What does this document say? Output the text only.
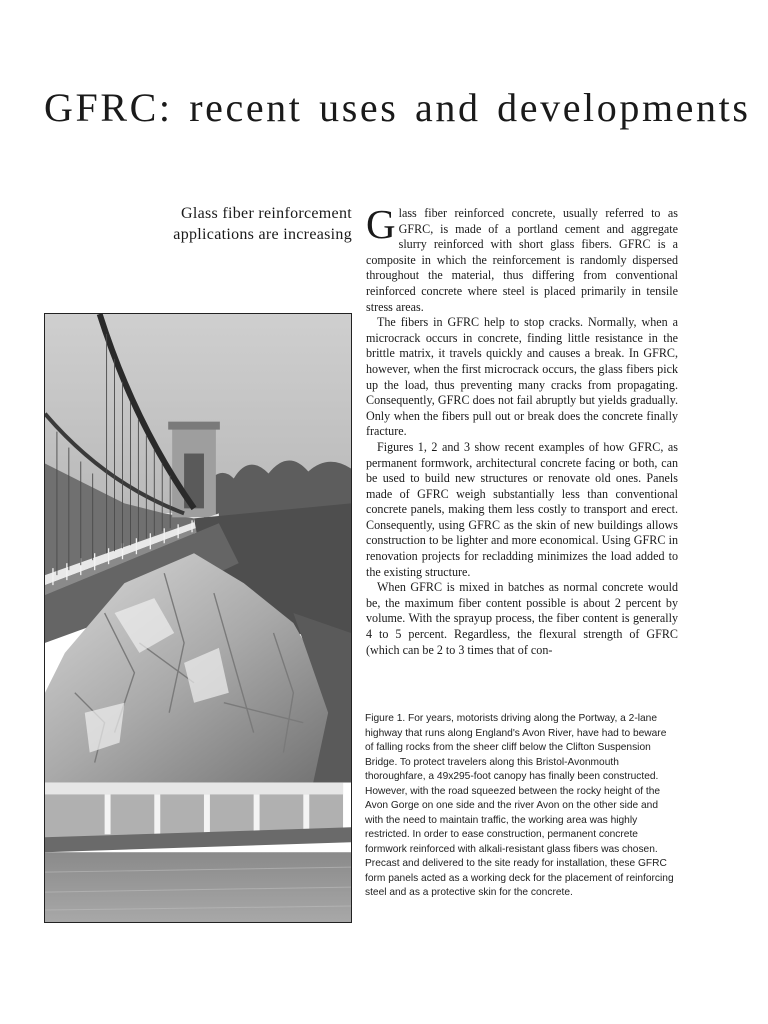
GFRC: recent uses and developments
Glass fiber reinforcement
applications are increasing Glass fiber reinforced concrete, usually referred to as GFRC, is made of a portland cement and aggregate slurry reinforced with short glass fibers. GFRC is a composite in which the reinforcement is randomly dispersed throughout the material, thus differing from conventional reinforced concrete where steel is placed primarily in tensile stress areas.

The fibers in GFRC help to stop cracks. Normally, when a microcrack occurs in concrete, finding little resistance in the brittle matrix, it travels quickly and causes a break. In GFRC, however, when the first microcrack occurs, the glass fibers pick up the load, thus preventing many cracks from propagating. Consequently, GFRC does not fail abruptly but yields gradually. Only when the fibers pull out or break does the concrete finally fracture.

Figures 1, 2 and 3 show recent examples of how GFRC, as permanent formwork, architectural concrete facing or both, can be used to build new structures or renovate old ones. Panels made of GFRC weigh substantially less than conventional concrete panels, making them less costly to transport and erect. Consequently, using GFRC as the skin of new buildings allows construction to be lighter and more economical. Using GFRC in renovation projects for recladding minimizes the load added to the existing structure.

When GFRC is mixed in batches as normal concrete would be, the maximum fiber content possible is about 2 percent by volume. With the sprayup process, the fiber content is generally 4 to 5 percent. Regardless, the flexural strength of GFRC (which can be 2 to 3 times that of con-

Figure 1. For years, motorists driving along the Portway, a 2-lane highway that runs along England's Avon River, have had to beware of falling rocks from the sheer cliff below the Clifton Suspension Bridge. To protect travelers along this Bristol-Avonmouth thoroughfare, a 49x295-foot canopy has finally been constructed. However, with the road squeezed between the rocky height of the Avon Gorge on one side and the river Avon on the other side and with the need to maintain traffic, the working area was highly restricted. In order to ease construction, permanent concrete formwork reinforced with alkali-resistant glass fibers was chosen. Precast and delivered to the site ready for installation, these GFRC form panels acted as a working deck for the placement of reinforcing steel and as a protective skin for the concrete.
